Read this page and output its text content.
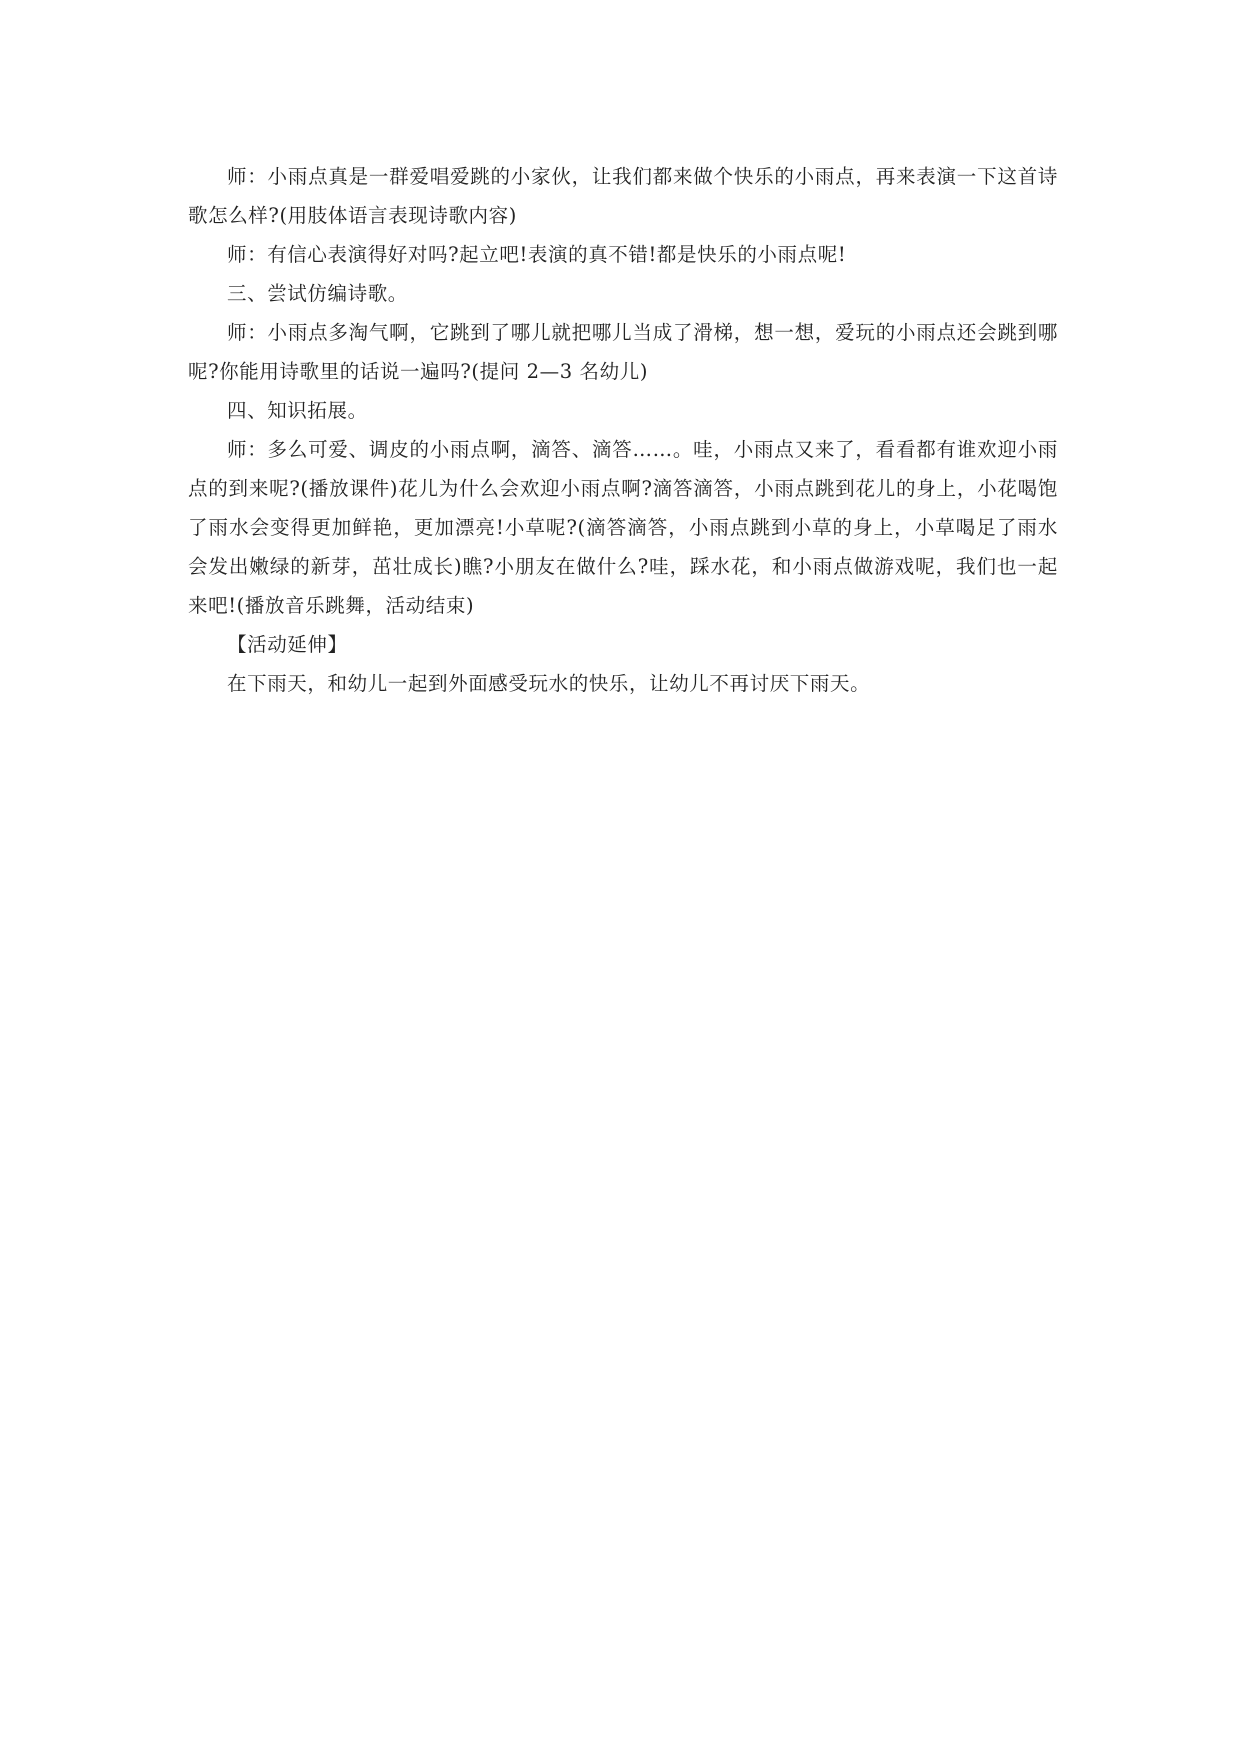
师：小雨点真是一群爱唱爱跳的小家伙，让我们都来做个快乐的小雨点，再来表演一下这首诗歌怎么样?(用肢体语言表现诗歌内容)

师：有信心表演得好对吗?起立吧!表演的真不错!都是快乐的小雨点呢!

三、尝试仿编诗歌。

师：小雨点多淘气啊，它跳到了哪儿就把哪儿当成了滑梯，想一想，爱玩的小雨点还会跳到哪呢?你能用诗歌里的话说一遍吗?(提问 2—3 名幼儿)

四、知识拓展。

师：多么可爱、调皮的小雨点啊，滴答、滴答……。哇，小雨点又来了，看看都有谁欢迎小雨点的到来呢?(播放课件)花儿为什么会欢迎小雨点啊?滴答滴答，小雨点跳到花儿的身上，小花喝饱了雨水会变得更加鲜艳，更加漂亮!小草呢?(滴答滴答，小雨点跳到小草的身上，小草喝足了雨水会发出嫩绿的新芽，茁壮成长)瞧?小朋友在做什么?哇，踩水花，和小雨点做游戏呢，我们也一起来吧!(播放音乐跳舞，活动结束)

【活动延伸】

在下雨天，和幼儿一起到外面感受玩水的快乐，让幼儿不再讨厌下雨天。
